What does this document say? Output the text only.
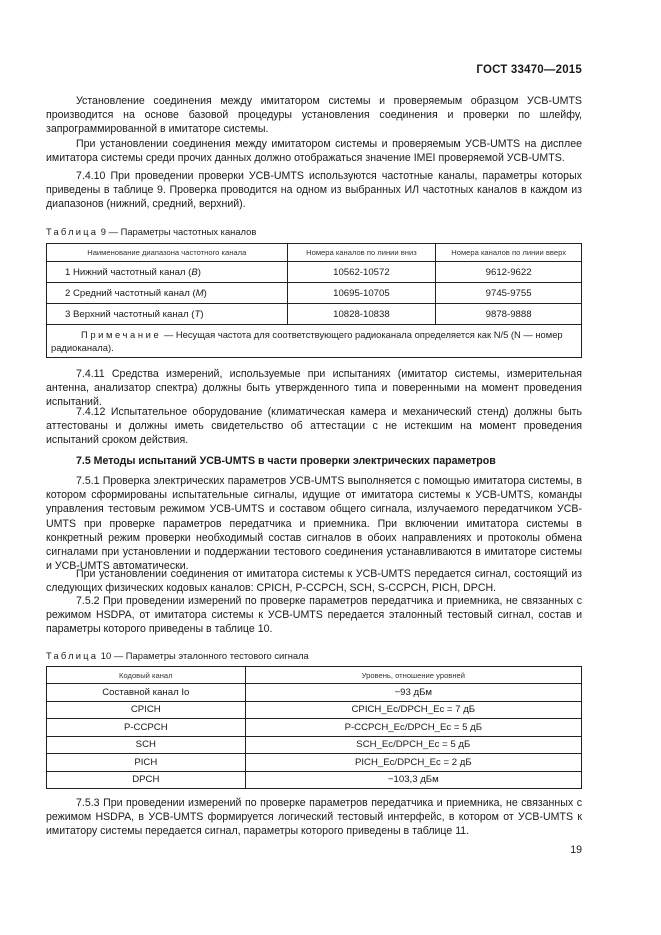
ГОСТ 33470—2015

Установление соединения между имитатором системы и проверяемым образцом УСВ-UMTS производится на основе базовой процедуры установления соединения и проверки по шлейфу, запрограммированной в имитаторе системы.

При установлении соединения между имитатором системы и проверяемым УСВ-UMTS на дисплее имитатора системы среди прочих данных должно отображаться значение IMEI проверяемой УСВ-UMTS.

7.4.10 При проведении проверки УСВ-UMTS используются частотные каналы, параметры которых приведены в таблице 9. Проверка проводится на одном из выбранных ИЛ частотных каналов в каждом из диапазонов (нижний, средний, верхний).

Таблица 9 — Параметры частотных каналов
Наименование диапазона частотного канала	Номера каналов по линии вниз	Номера каналов по линии вверх
1 Нижний частотный канал (B)	10562-10572	9612-9622
2 Средний частотный канал (M)	10695-10705	9745-9755
3 Верхний частотный канал (T)	10828-10838	9878-9888
Примечание — Несущая частота для соответствующего радиоканала определяется как N/5 (N — номер радиоканала).		

7.4.11 Средства измерений, используемые при испытаниях (имитатор системы, измерительная антенна, анализатор спектра) должны быть утвержденного типа и поверенными на момент проведения испытаний.

7.4.12 Испытательное оборудование (климатическая камера и механический стенд) должны быть аттестованы и должны иметь свидетельство об аттестации с не истекшим на момент проведения испытаний сроком действия.

7.5 Методы испытаний УСВ-UMTS в части проверки электрических параметров

7.5.1 Проверка электрических параметров УСВ-UMTS выполняется с помощью имитатора системы, в котором сформированы испытательные сигналы, идущие от имитатора системы к УСВ-UMTS, команды управления тестовым режимом УСВ-UMTS и составом общего сигнала, излучаемого передатчиком УСВ-UMTS при проверке параметров передатчика и приемника. При включении имитатора системы в конкретный режим проверки необходимый состав сигналов в обоих направлениях и протоколы обмена сигналами при установлении и поддержании тестового соединения устанавливаются в имитаторе системы и УСВ-UMTS автоматически.

При установлении соединения от имитатора системы к УСВ-UMTS передается сигнал, состоящий из следующих физических кодовых каналов: CPICH, P-CCPCH, SCH, S-CCPCH, PICH, DPCH.

7.5.2 При проведении измерений по проверке параметров передатчика и приемника, не связанных с режимом HSDPA, от имитатора системы к УСВ-UMTS передается эталонный тестовый сигнал, состав и параметры которого приведены в таблице 10.

Таблица 10 — Параметры эталонного тестового сигнала
Кодовый канал	Уровень, отношение уровней
Составной канал Io	−93 дБм
CPICH	CPICH_Ec/DPCH_Ec = 7 дБ
P-CCPCH	P-CCPCH_Ec/DPCH_Ec = 5 дБ
SCH	SCH_Ec/DPCH_Ec = 5 дБ
PICH	PICH_Ec/DPCH_Ec = 2 дБ
DPCH	−103,3 дБм

7.5.3 При проведении измерений по проверке параметров передатчика и приемника, не связанных с режимом HSDPA, в УСВ-UMTS формируется логический тестовый интерфейс, в котором от УСВ-UMTS к имитатору системы передается сигнал, параметры которого приведены в таблице 11.

19
